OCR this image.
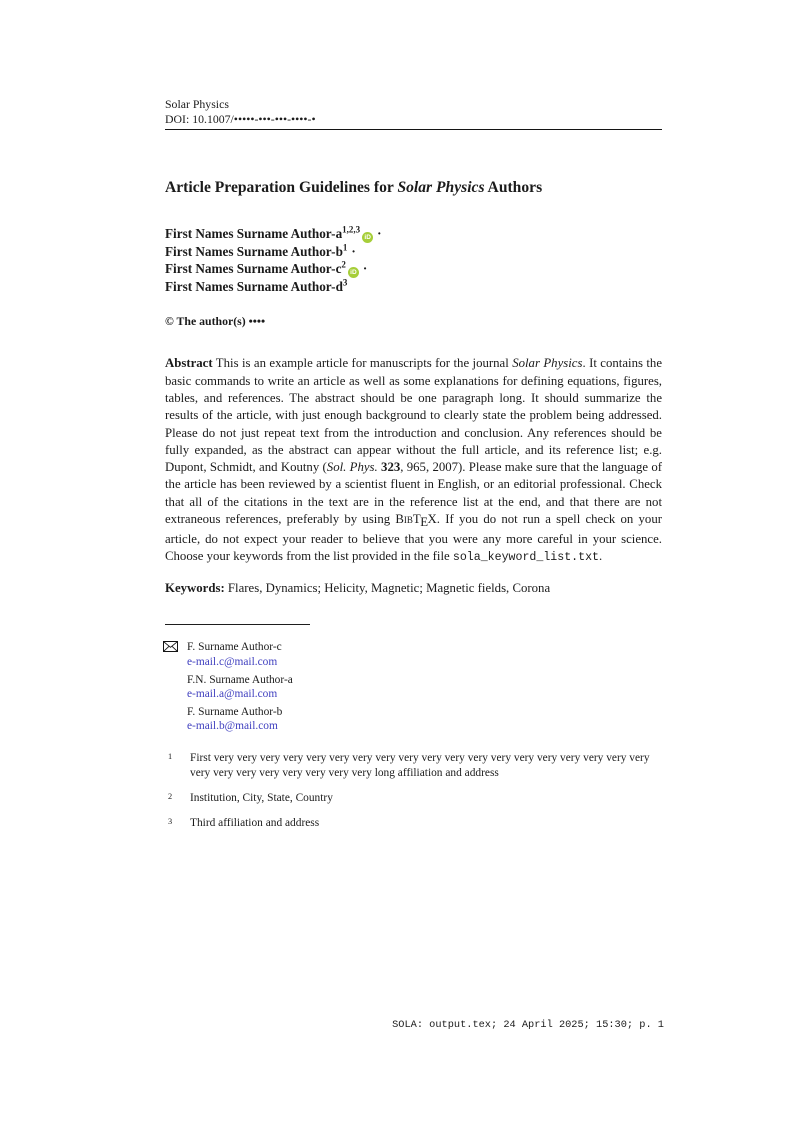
Solar Physics
DOI: 10.1007/•••••-•••-•••-••••-•
Article Preparation Guidelines for Solar Physics Authors
First Names Surname Author-$a^{1,2,3}iD$ ·
First Names Surname Author-$b^1$ ·
First Names Surname Author-$c^2iD$ ·
First Names Surname Author-$d^3$
© The author(s) ••••

Abstract This is an example article for manuscripts for the journal Solar Physics. It contains the basic commands to write an article as well as some explanations for defining equations, figures, tables, and references. The abstract should be one paragraph long. It should summarize the results of the article, with just enough background to clearly state the problem being addressed. Please do not just repeat text from the introduction and conclusion. Any references should be fully expanded, as the abstract can appear without the full article, and its reference list; e.g. Dupont, Schmidt, and Koutny (Sol. Phys. 323, 965, 2007). Please make sure that the language of the article has been reviewed by a scientist fluent in English, or an editorial professional. Check that all of the citations in the text are in the reference list at the end, and that there are not extraneous references, preferably by using BibTEX. If you do not run a spell check on your article, do not expect your reader to believe that you were any more careful in your science. Choose your keywords from the list provided in the file sola_keyword_list.txt.

Keywords: Flares, Dynamics; Helicity, Magnetic; Magnetic fields, Corona

F. Surname Author-c
e-mail.c@mail.com
F.N. Surname Author-a
e-mail.a@mail.com
F. Surname Author-b
e-mail.b@mail.com
1 First very very very very very very very very very very very very very very very very very very very very very very very very very very very long affiliation and address
2 Institution, City, State, Country
3 Third affiliation and address
SOLA: output.tex; 24 April 2025; 15:30; p. 1
